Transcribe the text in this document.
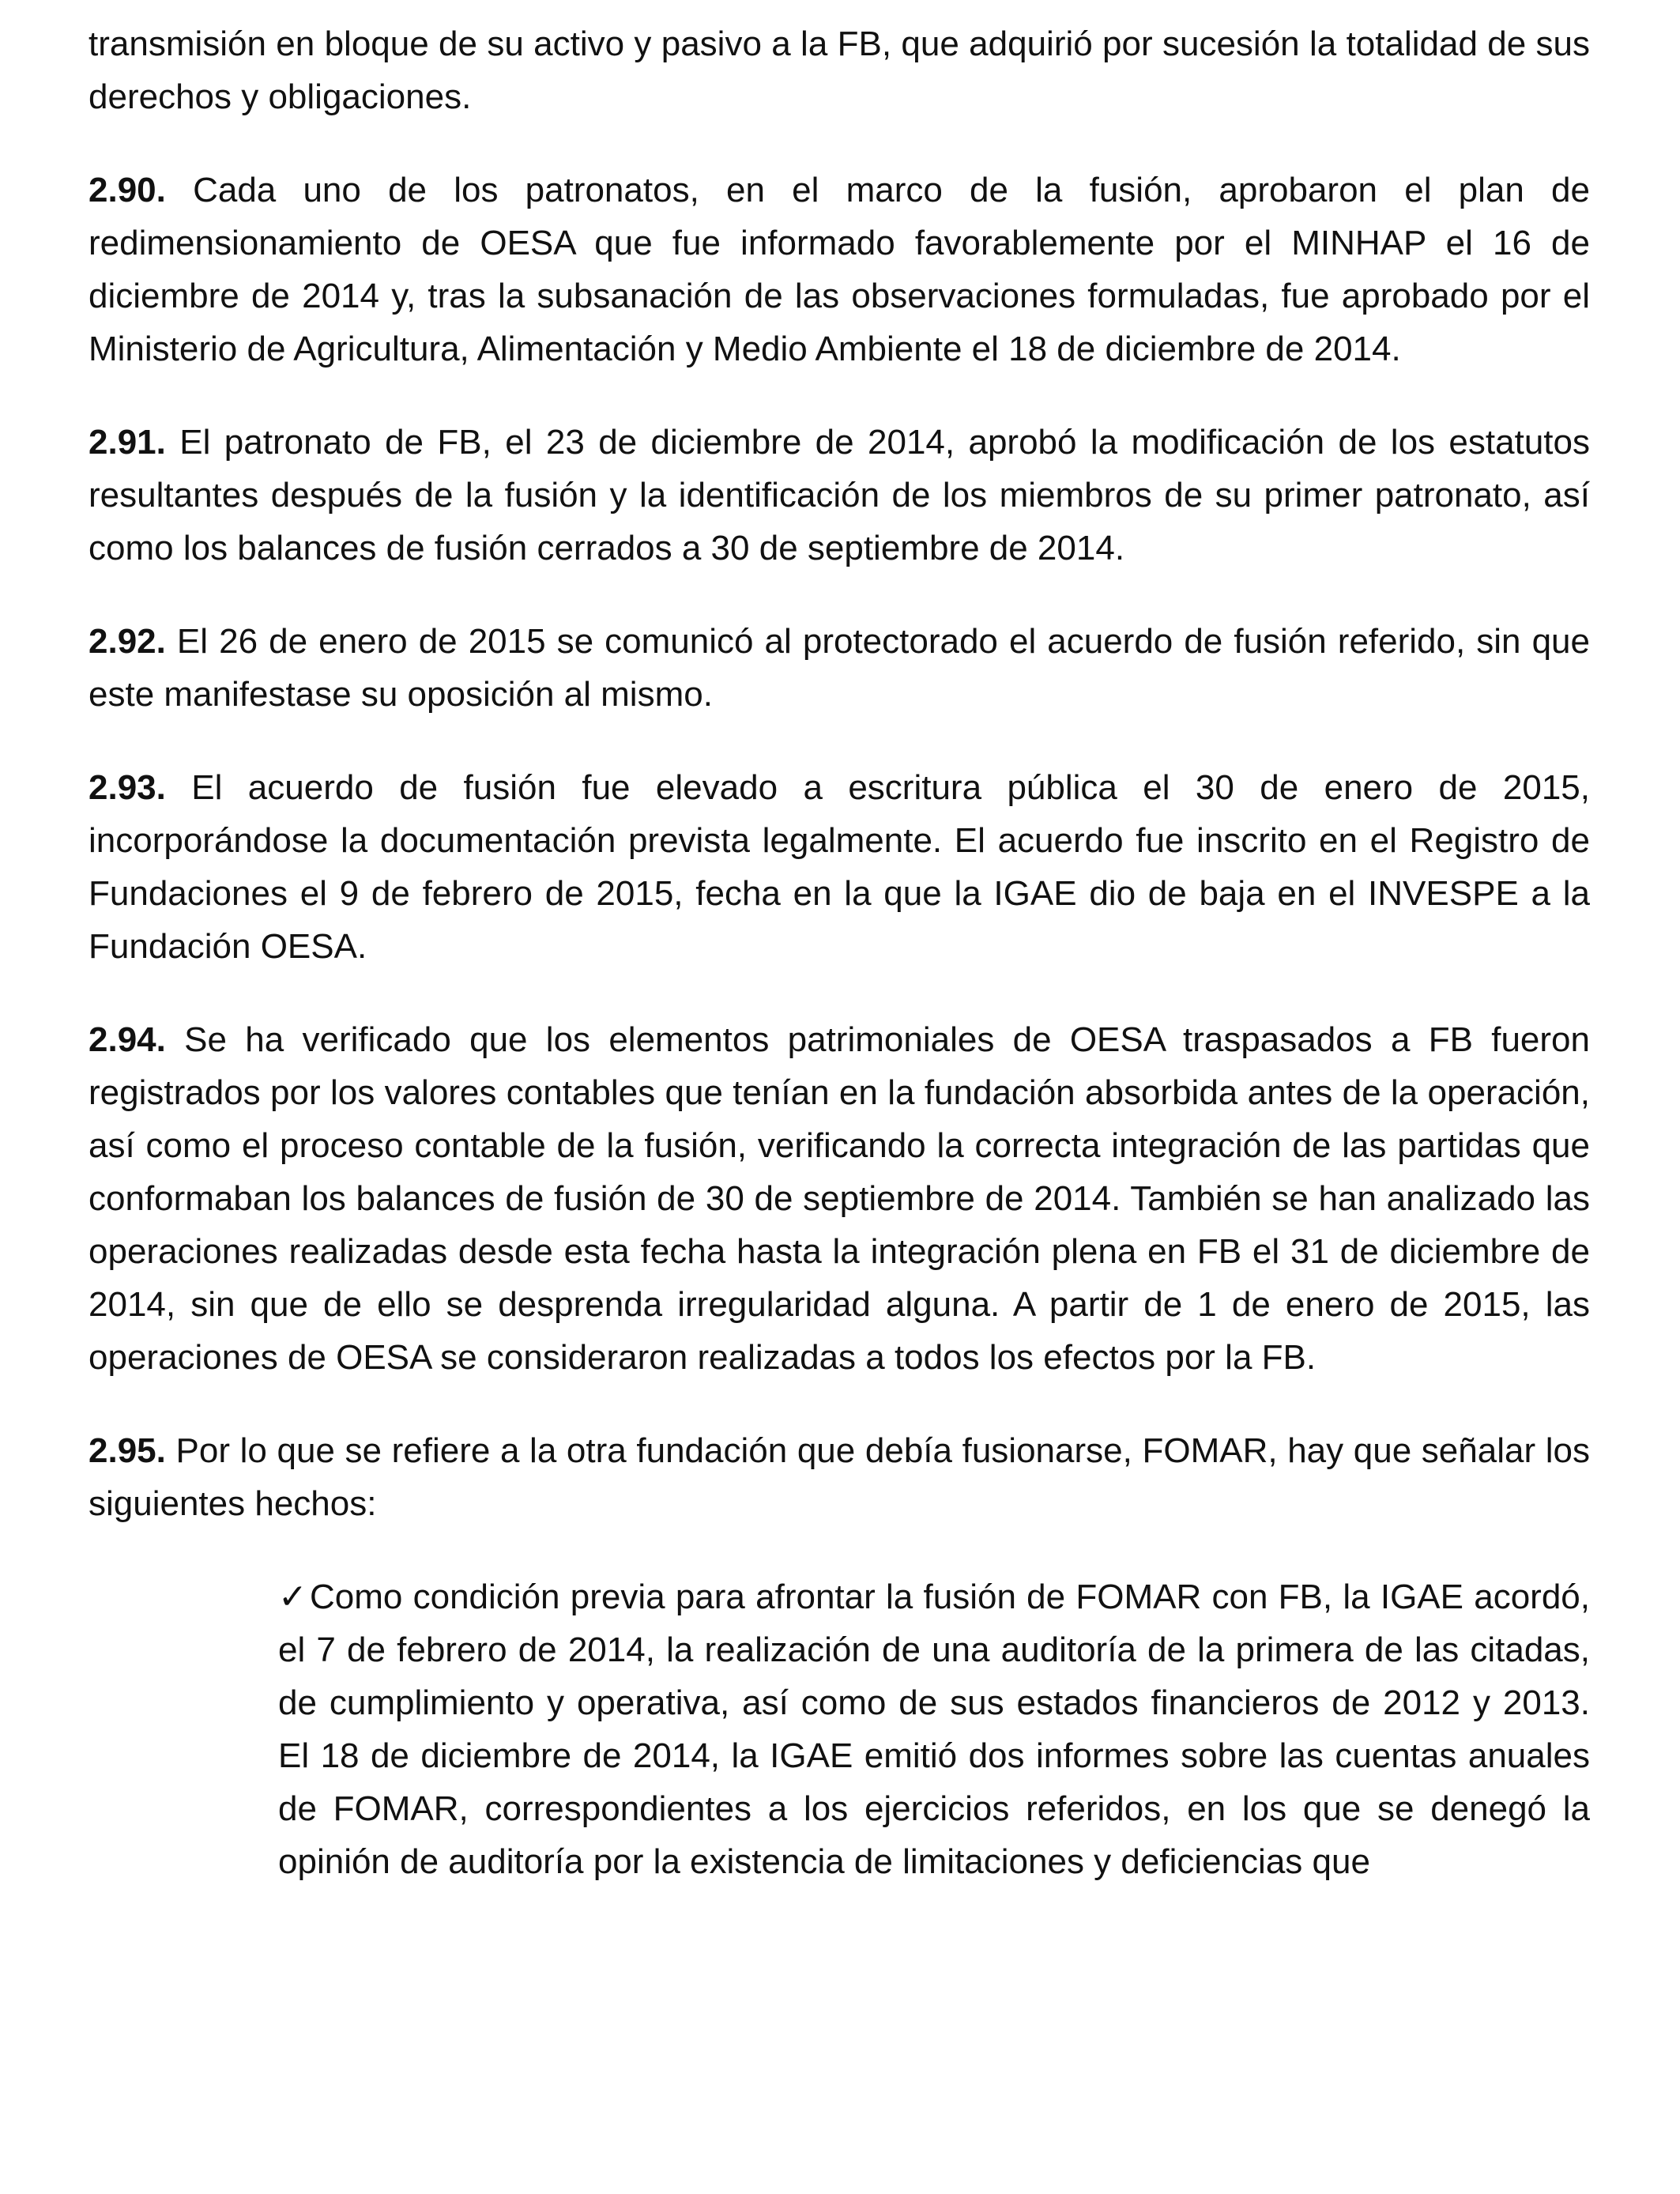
transmisión en bloque de su activo y pasivo a la FB, que adquirió por sucesión la totalidad de sus derechos y obligaciones.

2.90. Cada uno de los patronatos, en el marco de la fusión, aprobaron el plan de redimensionamiento de OESA que fue informado favorablemente por el MINHAP el 16 de diciembre de 2014 y, tras la subsanación de las observaciones formuladas, fue aprobado por el Ministerio de Agricultura, Alimentación y Medio Ambiente el 18 de diciembre de 2014.

2.91. El patronato de FB, el 23 de diciembre de 2014, aprobó la modificación de los estatutos resultantes después de la fusión y la identificación de los miembros de su primer patronato, así como los balances de fusión cerrados a 30 de septiembre de 2014.

2.92. El 26 de enero de 2015 se comunicó al protectorado el acuerdo de fusión referido, sin que este manifestase su oposición al mismo.

2.93. El acuerdo de fusión fue elevado a escritura pública el 30 de enero de 2015, incorporándose la documentación prevista legalmente. El acuerdo fue inscrito en el Registro de Fundaciones el 9 de febrero de 2015, fecha en la que la IGAE dio de baja en el INVESPE a la Fundación OESA.

2.94. Se ha verificado que los elementos patrimoniales de OESA traspasados a FB fueron registrados por los valores contables que tenían en la fundación absorbida antes de la operación, así como el proceso contable de la fusión, verificando la correcta integración de las partidas que conformaban los balances de fusión de 30 de septiembre de 2014. También se han analizado las operaciones realizadas desde esta fecha hasta la integración plena en FB el 31 de diciembre de 2014, sin que de ello se desprenda irregularidad alguna. A partir de 1 de enero de 2015, las operaciones de OESA se consideraron realizadas a todos los efectos por la FB.

2.95. Por lo que se refiere a la otra fundación que debía fusionarse, FOMAR, hay que señalar los siguientes hechos:

✓Como condición previa para afrontar la fusión de FOMAR con FB, la IGAE acordó, el 7 de febrero de 2014, la realización de una auditoría de la primera de las citadas, de cumplimiento y operativa, así como de sus estados financieros de 2012 y 2013. El 18 de diciembre de 2014, la IGAE emitió dos informes sobre las cuentas anuales de FOMAR, correspondientes a los ejercicios referidos, en los que se denegó la opinión de auditoría por la existencia de limitaciones y deficiencias que
